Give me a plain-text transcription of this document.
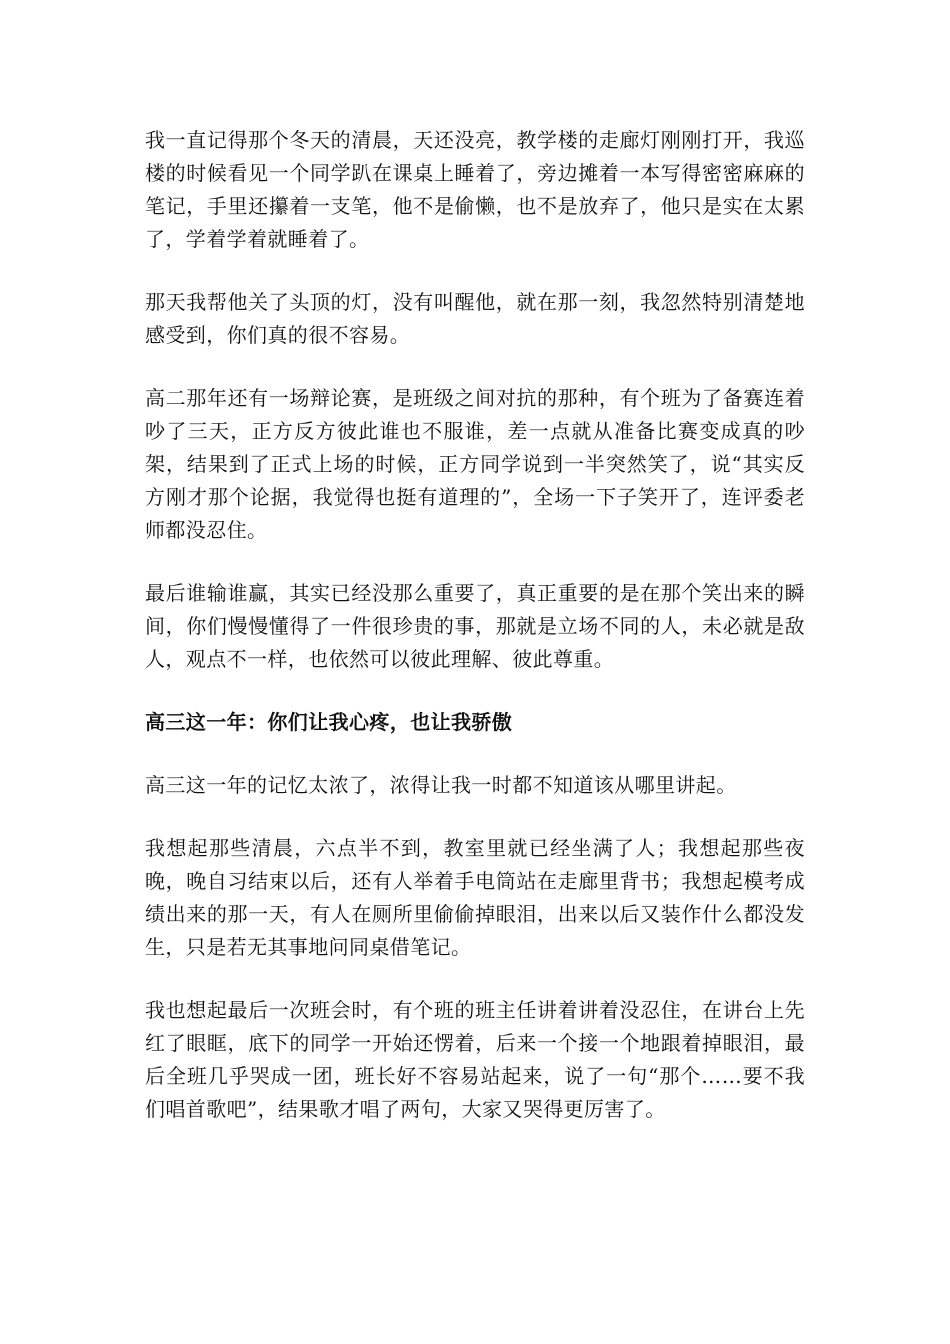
我一直记得那个冬天的清晨，天还没亮，教学楼的走廊灯刚刚打开，我巡楼的时候看见一个同学趴在课桌上睡着了，旁边摊着一本写得密密麻麻的笔记，手里还攥着一支笔，他不是偷懒，也不是放弃了，他只是实在太累了，学着学着就睡着了。

那天我帮他关了头顶的灯，没有叫醒他，就在那一刻，我忽然特别清楚地感受到，你们真的很不容易。

高二那年还有一场辩论赛，是班级之间对抗的那种，有个班为了备赛连着吵了三天，正方反方彼此谁也不服谁，差一点就从准备比赛变成真的吵架，结果到了正式上场的时候，正方同学说到一半突然笑了，说“其实反方刚才那个论据，我觉得也挺有道理的”，全场一下子笑开了，连评委老师都没忍住。

最后谁输谁赢，其实已经没那么重要了，真正重要的是在那个笑出来的瞬间，你们慢慢懂得了一件很珍贵的事，那就是立场不同的人，未必就是敌人，观点不一样，也依然可以彼此理解、彼此尊重。

高三这一年：你们让我心疼，也让我骄傲

高三这一年的记忆太浓了，浓得让我一时都不知道该从哪里讲起。

我想起那些清晨，六点半不到，教室里就已经坐满了人；我想起那些夜晚，晚自习结束以后，还有人举着手电筒站在走廊里背书；我想起模考成绩出来的那一天，有人在厕所里偷偷掉眼泪，出来以后又装作什么都没发生，只是若无其事地问同桌借笔记。

我也想起最后一次班会时，有个班的班主任讲着讲着没忍住，在讲台上先红了眼眶，底下的同学一开始还愣着，后来一个接一个地跟着掉眼泪，最后全班几乎哭成一团，班长好不容易站起来，说了一句“那个……要不我们唱首歌吧”，结果歌才唱了两句，大家又哭得更厉害了。
